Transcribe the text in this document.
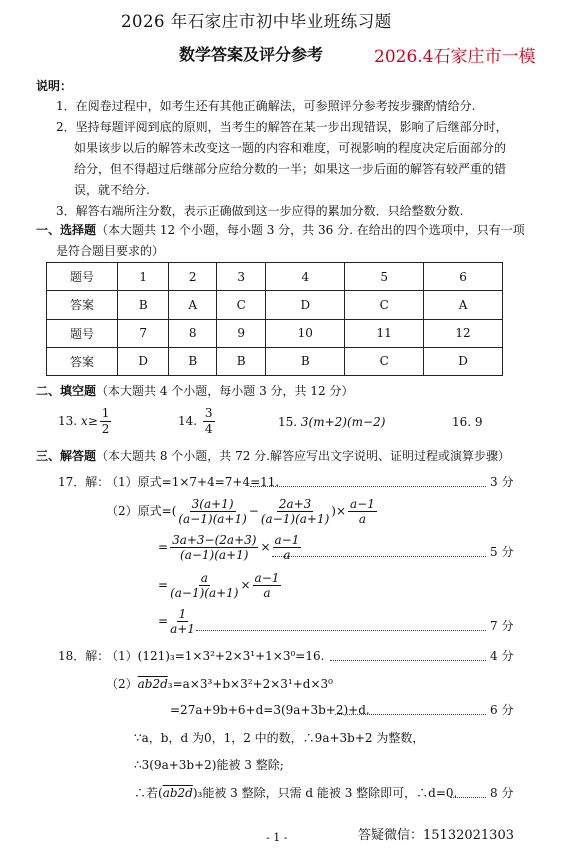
2026 年石家庄市初中毕业班练习题
数学答案及评分参考	2026.4石家庄市一模
说明：
1．在阅卷过程中，如考生还有其他正确解法，可参照评分参考按步骤酌情给分.
2．坚持每题评阅到底的原则，当考生的解答在某一步出现错误，影响了后继部分时，
如果该步以后的解答未改变这一题的内容和难度，可视影响的程度决定后面部分的
给分，但不得超过后继部分应给分数的一半；如果这一步后面的解答有较严重的错
误，就不给分.
3．解答右端所注分数，表示正确做到这一步应得的累加分数．只给整数分数.
一、选择题（本大题共 12 个小题，每小题 3 分，共 36 分. 在给出的四个选项中，只有一项
是符合题目要求的）
题号	1	2	3	4	5	6
答案	B	A	C	D	C	A
题号	7	8	9	10	11	12
答案	D	B	B	B	C	D
二、填空题（本大题共 4 个小题，每小题 3 分，共 12 分）
13. $x\ge \frac{1}{2}$	14. $\frac{3}{4}$	15. 3(m+2)(m−2)	16. 9
三、解答题（本大题共 8 个小题，共 72 分.解答应写出文字说明、证明过程或演算步骤）
17．解：
（1）原式=1×7+4=7+4=11.	3 分
（2）原式=( $\frac{3(a+1)}{(a-1)(a+1)} - \frac{2a+3}{(a-1)(a+1)}$ )× $\frac{a-1}{a}$
= $\frac{3a+3-(2a+3)}{(a-1)(a+1)} \times \frac{a-1}{a}$	5 分
= $\frac{a}{(a-1)(a+1)} \times \frac{a-1}{a}$
= $\frac{1}{a+1}$	7 分
18．解：
（1）(121)₃=1×3²+2×3¹+1×3⁰=16.	4 分
（2）ab2d₃=a×3³+b×3²+2×3¹+d×3⁰
=27a+9b+6+d=3(9a+3b+2)+d.	6 分
∵a，b，d 为0，1，2 中的数，∴9a+3b+2 为整数，
∴3(9a+3b+2)能被 3 整除;
∴若(ab2d)₃能被 3 整除，只需 d 能被 3 整除即可，∴d=0.	8 分
- 1 -	答疑微信：15132021303
